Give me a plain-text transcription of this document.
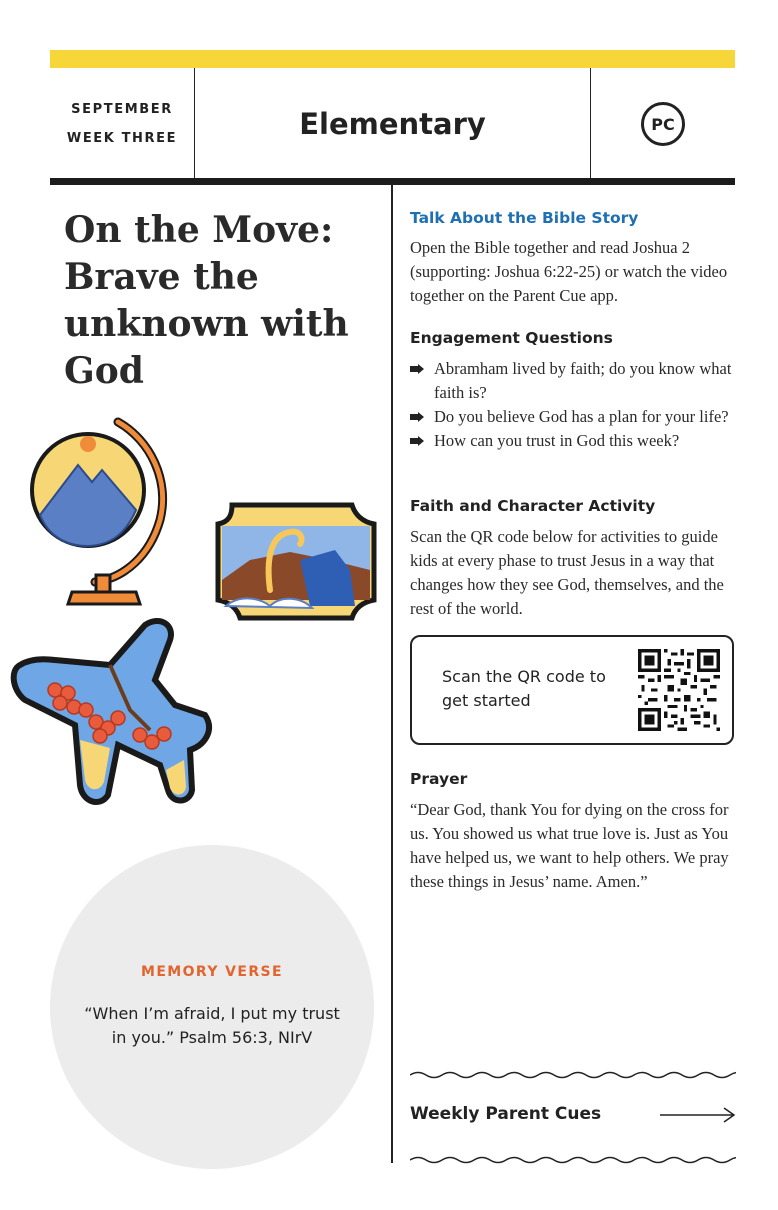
SEPTEMBER
WEEK THREE	Elementary	PC
On the Move: Brave the unknown with God
MEMORY VERSE
“When I’m afraid, I put my trust in you.” Psalm 56:3, NIrV
Talk About the Bible Story

Open the Bible together and read Joshua 2 (supporting: Joshua 6:22-25) or watch the video together on the Parent Cue app.

Engagement Questions
Abramham lived by faith; do you know what faith is?
Do you believe God has a plan for your life?
How can you trust in God this week?
Faith and Character Activity

Scan the QR code below for activities to guide kids at every phase to trust Jesus in a way that changes how they see God, themselves, and the rest of the world.

Scan the QR code to get started
Prayer

“Dear God, thank You for dying on the cross for us. You showed us what true love is. Just as You have helped us, we want to help others. We pray these things in Jesus’ name. Amen.”

Weekly Parent Cues
